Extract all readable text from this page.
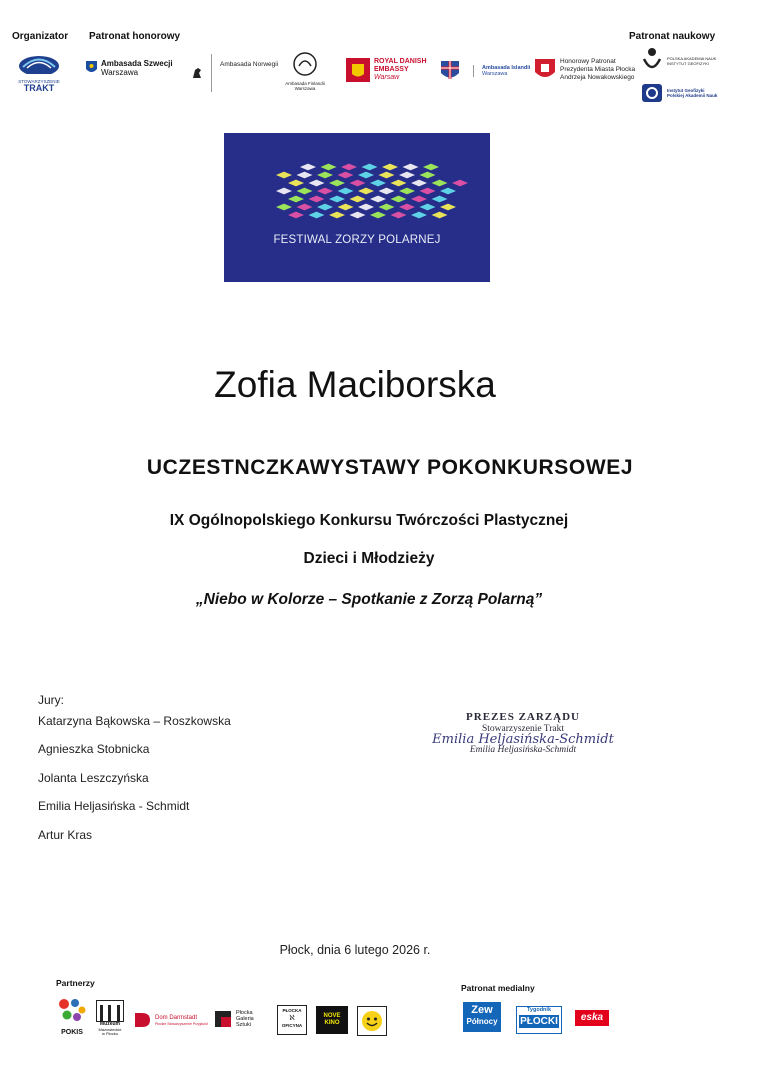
Organizator Patronat honorowy	Patronat naukowy
STOWARZYSZENIE
TRAKT
Ambasada Szwecji
Warszawa
Ambasada Norwegii
Ambasada Finlandii
Warszawa
ROYAL DANISH
EMBASSY
Warsaw
Ambasada Islandii
Warszawa
Honorowy Patronat
Prezydenta Miasta Płocka
Andrzeja Nowakowskiego
POLSKA AKADEMIA NAUK
INSTYTUT GEOFIZYKI
Instytut Geofizyki
Polskiej Akademii Nauk
FESTIWAL ZORZY POLARNEJ
Zofia Maciborska
UCZESTNCZKAWYSTAWY POKONKURSOWEJ
IX Ogólnopolskiego Konkursu Twórczości Plastycznej
Dzieci i Młodzieży
„Niebo w Kolorze – Spotkanie z Zorzą Polarną”
Jury:
Katarzyna Bąkowska – Roszkowska
Agnieszka Stobnicka
Jolanta Leszczyńska
Emilia Heljasińska - Schmidt
Artur Kras
PREZES ZARZĄDU
Stowarzyszenie Trakt
Emilia Heljasińska-Schmidt
Emilia Heljasińska-Schmidt
Płock, dnia 6 lutego 2026 r.
Partnerzy	Patronat medialny
POKIS
Muzeum
Mazowieckie
w Płocku
Dom Darmstadt
Płockie Stowarzyszenie Przyjaciół
Płocka
Galeria
Sztuki
PŁOCKA
ℵ
OFICYNA
NOVE KINO
Zew
Północy
Tygodnik
PŁOCKI	eska
